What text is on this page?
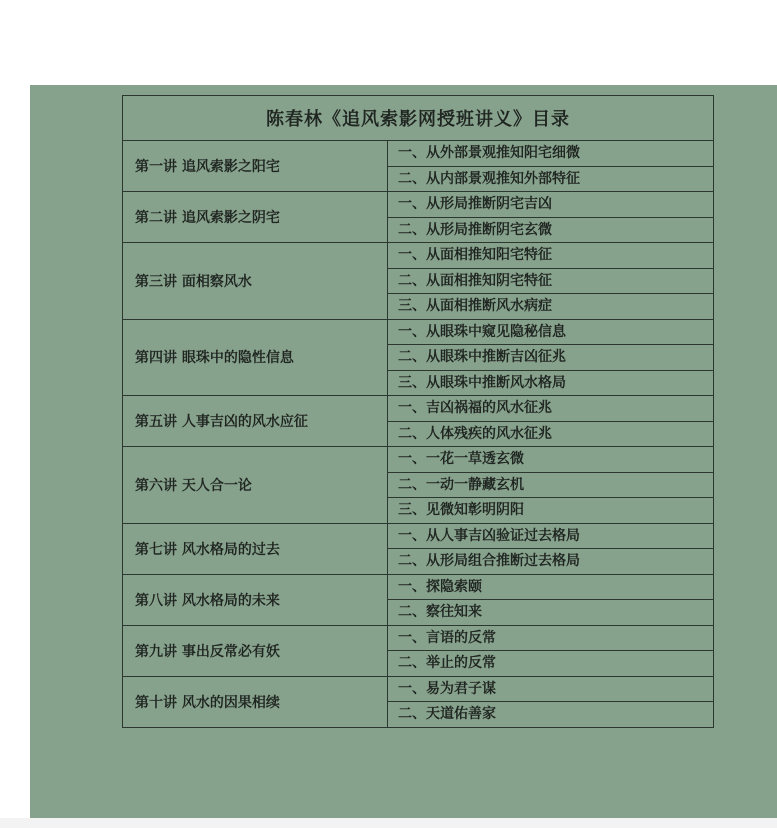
陈春林《追风索影网授班讲义》目录
第一讲 追风索影之阳宅
一、从外部景观推知阳宅细微
二、从内部景观推知外部特征
第二讲 追风索影之阴宅
一、从形局推断阴宅吉凶
二、从形局推断阴宅玄微
第三讲 面相察风水
一、从面相推知阳宅特征
二、从面相推知阴宅特征
三、从面相推断风水病症
第四讲 眼珠中的隐性信息
一、从眼珠中窥见隐秘信息
二、从眼珠中推断吉凶征兆
三、从眼珠中推断风水格局
第五讲 人事吉凶的风水应征
一、吉凶祸福的风水征兆
二、人体残疾的风水征兆
第六讲 天人合一论
一、一花一草透玄微
二、一动一静藏玄机
三、见微知彰明阴阳
第七讲 风水格局的过去
一、从人事吉凶验证过去格局
二、从形局组合推断过去格局
第八讲 风水格局的未来
一、探隐索颐
二、察往知来
第九讲 事出反常必有妖
一、言语的反常
二、举止的反常
第十讲 风水的因果相续
一、易为君子谋
二、天道佑善家
